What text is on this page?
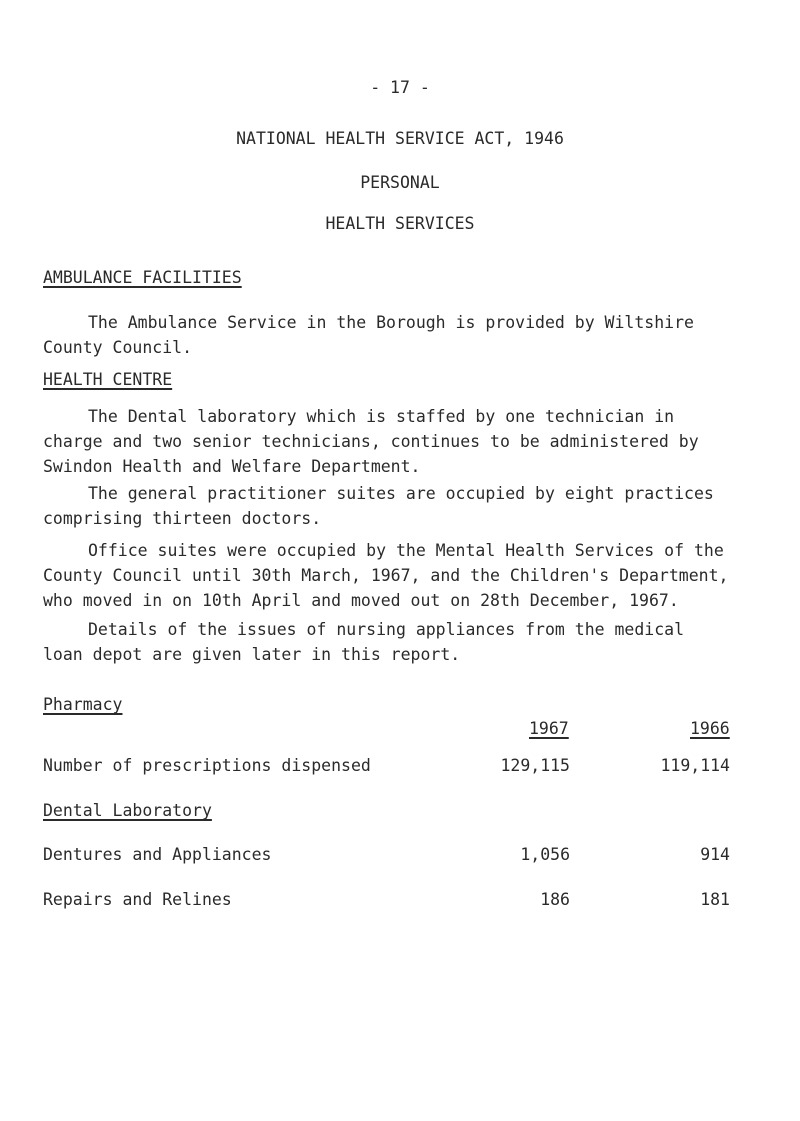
- 17 -
NATIONAL HEALTH SERVICE ACT, 1946
PERSONAL
HEALTH SERVICES
AMBULANCE FACILITIES
The Ambulance Service in the Borough is provided by Wiltshire
County Council.
HEALTH CENTRE
The Dental laboratory which is staffed by one technician in
charge and two senior technicians, continues to be administered by
Swindon Health and Welfare Department.
The general practitioner suites are occupied by eight practices
comprising thirteen doctors.
Office suites were occupied by the Mental Health Services of the
County Council until 30th March, 1967, and the Children's Department,
who moved in on 10th April and moved out on 28th December, 1967.
Details of the issues of nursing appliances from the medical
loan depot are given later in this report.
Pharmacy
1967	1966
Number of prescriptions dispensed	129,115	119,114
Dental Laboratory
Dentures and Appliances	1,056	914
Repairs and Relines	186	181
